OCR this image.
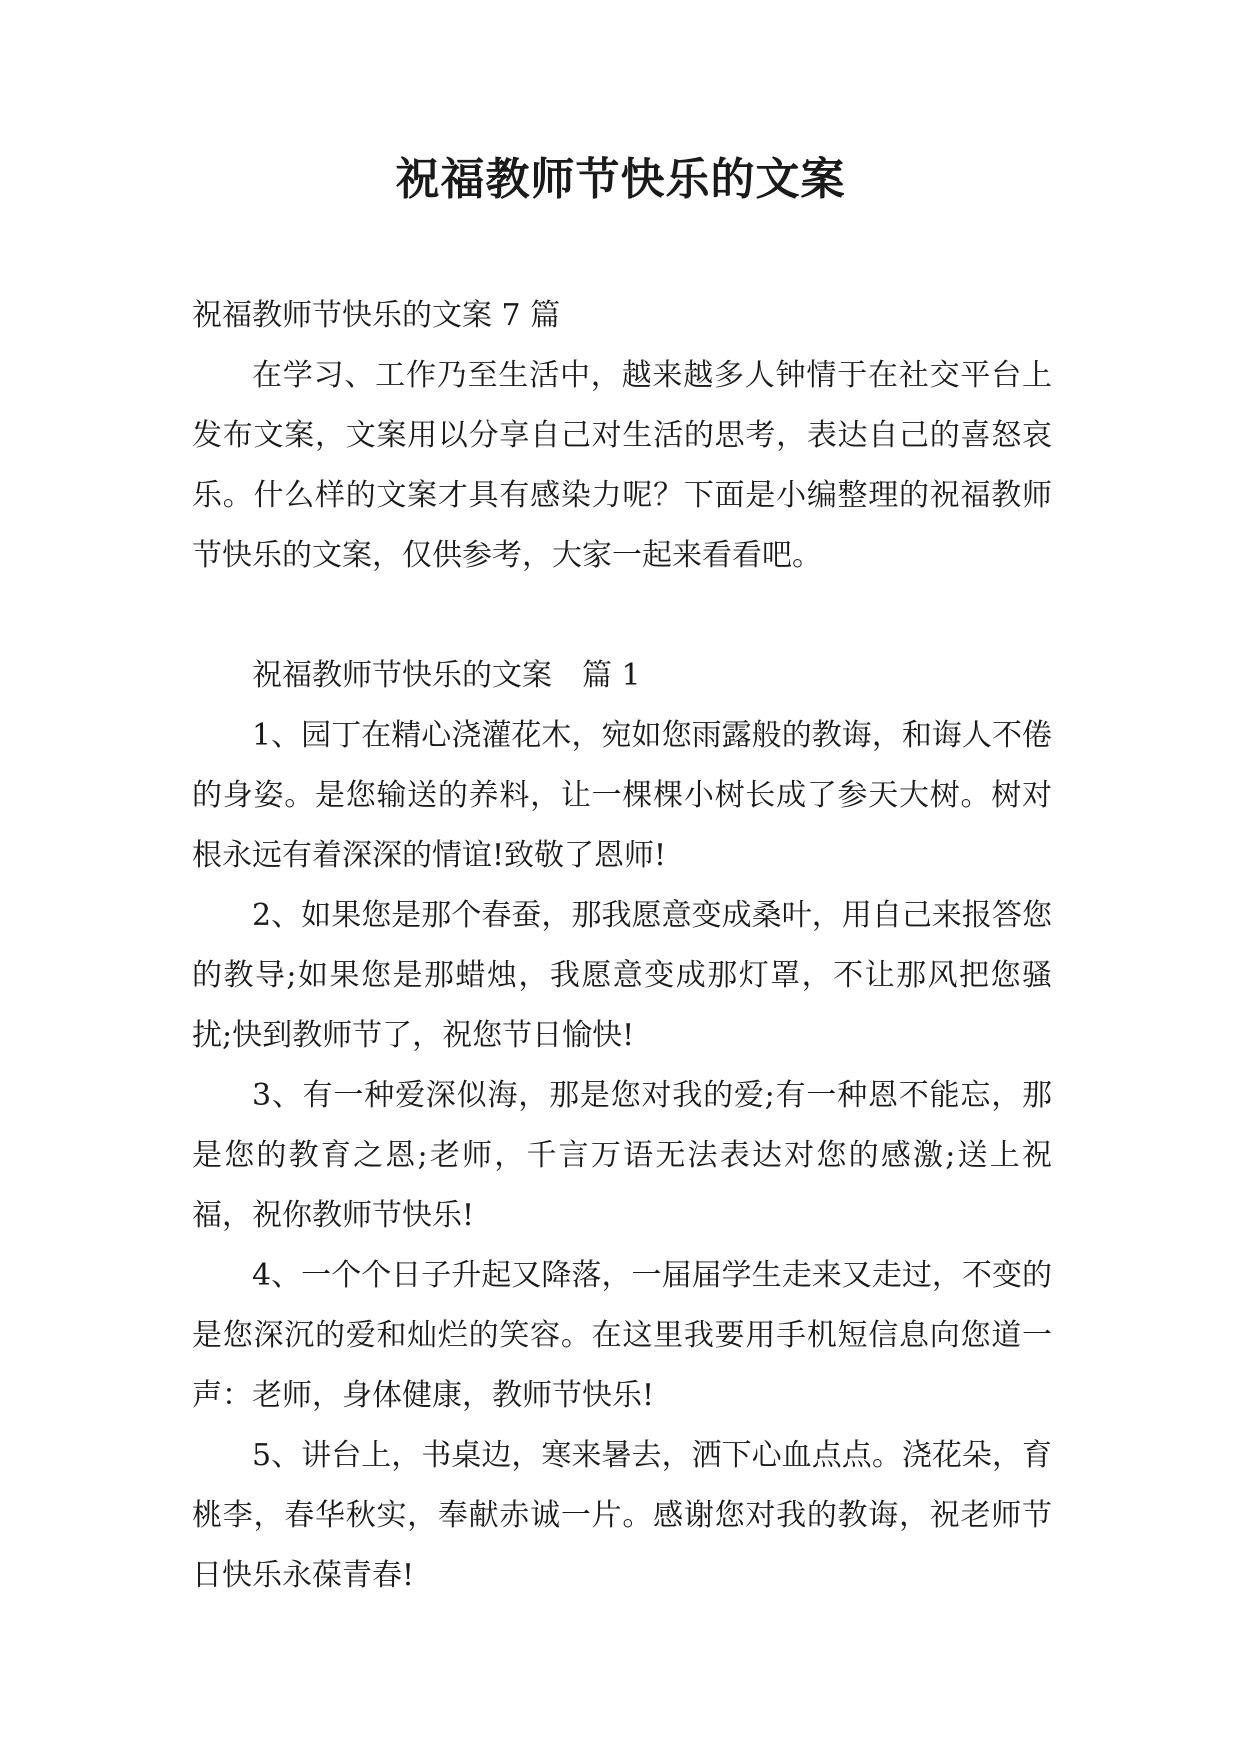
祝福教师节快乐的文案

祝福教师节快乐的文案 7 篇

在学习、工作乃至生活中，越来越多人钟情于在社交平台上发布文案，文案用以分享自己对生活的思考，表达自己的喜怒哀乐。什么样的文案才具有感染力呢？下面是小编整理的祝福教师节快乐的文案，仅供参考，大家一起来看看吧。

祝福教师节快乐的文案　篇 1

1、园丁在精心浇灌花木，宛如您雨露般的教诲，和诲人不倦的身姿。是您输送的养料，让一棵棵小树长成了参天大树。树对根永远有着深深的情谊!致敬了恩师!

2、如果您是那个春蚕，那我愿意变成桑叶，用自己来报答您的教导;如果您是那蜡烛，我愿意变成那灯罩，不让那风把您骚扰;快到教师节了，祝您节日愉快!

3、有一种爱深似海，那是您对我的爱;有一种恩不能忘，那是您的教育之恩;老师，千言万语无法表达对您的感激;送上祝福，祝你教师节快乐!

4、一个个日子升起又降落，一届届学生走来又走过，不变的是您深沉的爱和灿烂的笑容。在这里我要用手机短信息向您道一声：老师，身体健康，教师节快乐!

5、讲台上，书桌边，寒来暑去，洒下心血点点。浇花朵，育桃李，春华秋实，奉献赤诚一片。感谢您对我的教诲，祝老师节日快乐永葆青春!
